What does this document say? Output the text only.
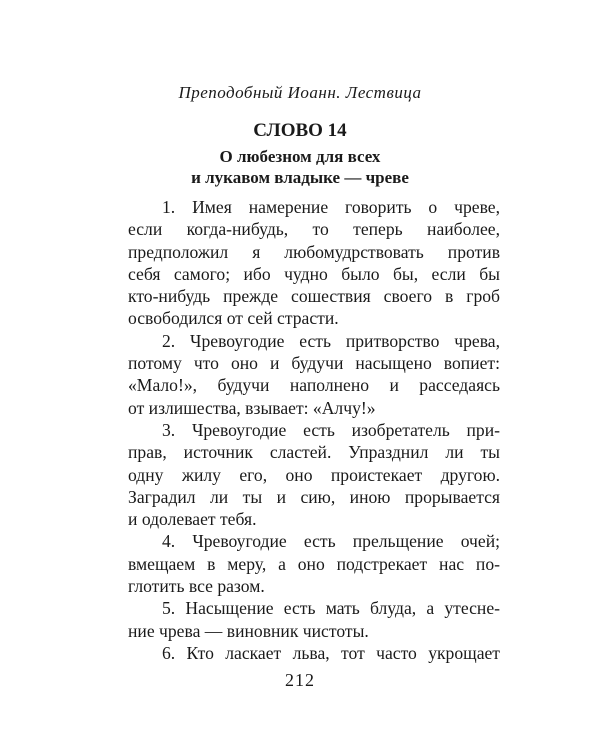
Преподобный Иоанн. Лествица
СЛОВО 14
О любезном для всех
и лукавом владыке — чреве
1. Имея намерение говорить о чреве,
если когда-нибудь, то теперь наиболее,
предположил я любомудрствовать против
себя самого; ибо чудно было бы, если бы
кто-нибудь прежде сошествия своего в гроб
освободился от сей страсти.
2. Чревоугодие есть притворство чрева,
потому что оно и будучи насыщено вопиет:
«Мало!», будучи наполнено и расседаясь
от излишества, взывает: «Алчу!»
3. Чревоугодие есть изобретатель при-
прав, источник сластей. Упразднил ли ты
одну жилу его, оно проистекает другою.
Заградил ли ты и сию, иною прорывается
и одолевает тебя.
4. Чревоугодие есть прельщение очей;
вмещаем в меру, а оно подстрекает нас по-
глотить все разом.
5. Насыщение есть мать блуда, а утесне-
ние чрева — виновник чистоты.
6. Кто ласкает льва, тот часто укрощает
212
